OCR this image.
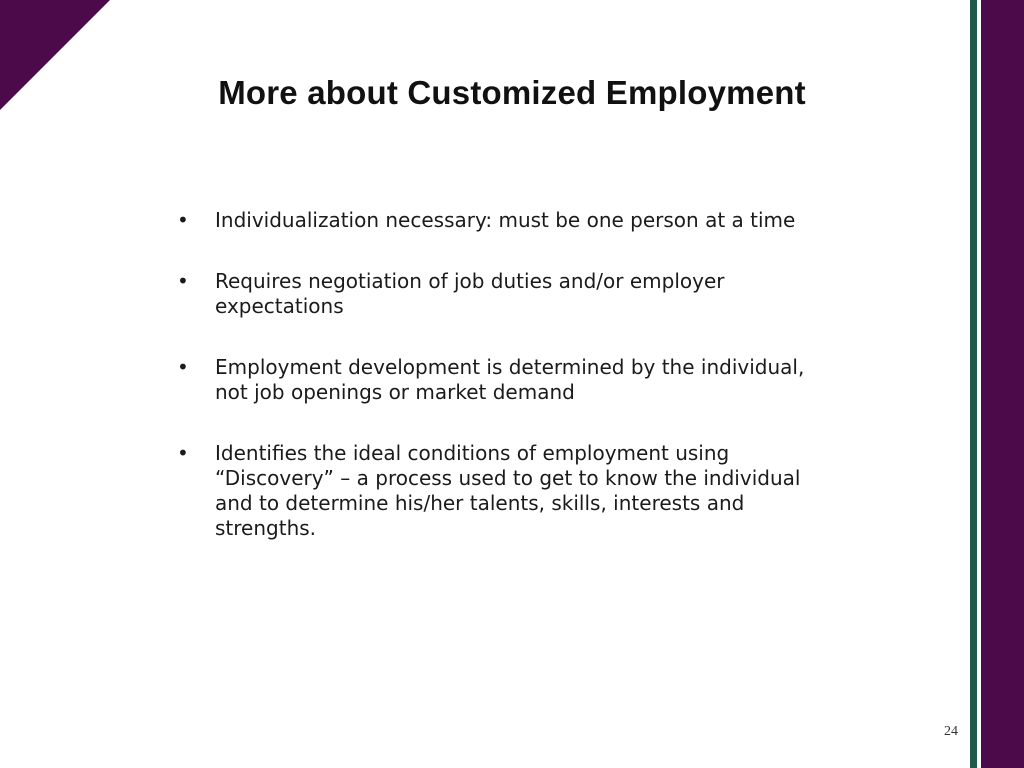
More about Customized Employment
• Individualization necessary: must be one person at a time
• Requires negotiation of job duties and/or employer expectations
• Employment development is determined by the individual, not job openings or market demand
• Identifies the ideal conditions of employment using “Discovery” – a process used to get to know the individual and to determine his/her talents, skills, interests and strengths.
24
